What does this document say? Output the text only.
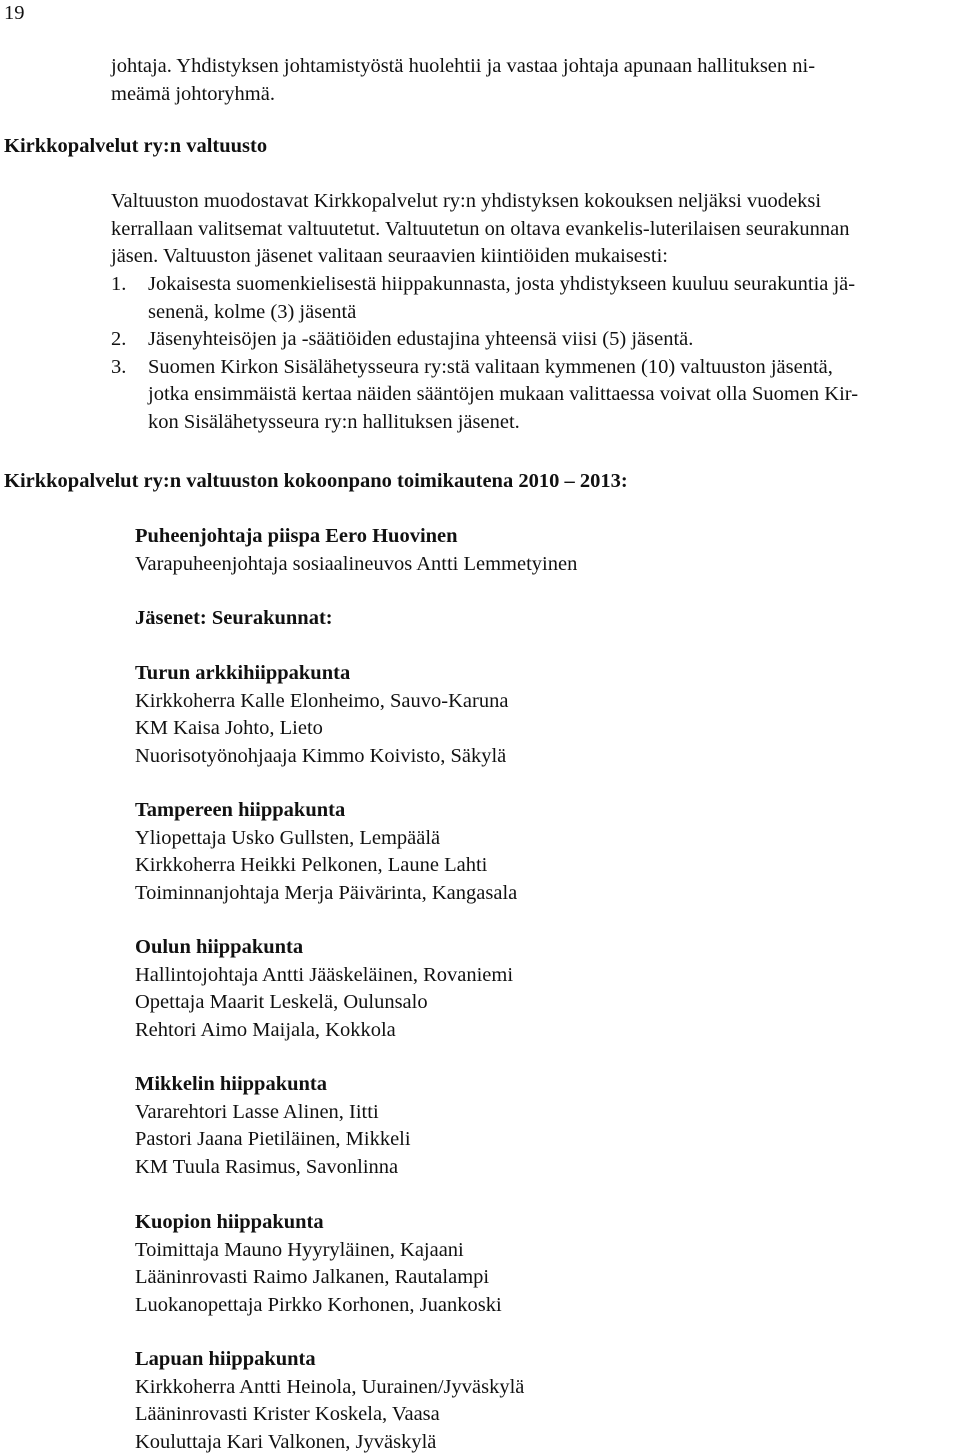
19
johtaja. Yhdistyksen johtamistyöstä huolehtii ja vastaa johtaja apunaan hallituksen ni-
meämä johtoryhmä.
Kirkkopalvelut ry:n valtuusto
Valtuuston muodostavat Kirkkopalvelut ry:n yhdistyksen kokouksen neljäksi vuodeksi
kerrallaan valitsemat valtuutetut. Valtuutetun on oltava evankelis-luterilaisen seurakunnan
jäsen. Valtuuston jäsenet valitaan seuraavien kiintiöiden mukaisesti:
1. Jokaisesta suomenkielisestä hiippakunnasta, josta yhdistykseen kuuluu seurakuntia jä-
senenä, kolme (3) jäsentä
2. Jäsenyhteisöjen ja -säätiöiden edustajina yhteensä viisi (5) jäsentä.
3. Suomen Kirkon Sisälähetysseura ry:stä valitaan kymmenen (10) valtuuston jäsentä,
jotka ensimmäistä kertaa näiden sääntöjen mukaan valittaessa voivat olla Suomen Kir-
kon Sisälähetysseura ry:n hallituksen jäsenet.
Kirkkopalvelut ry:n valtuuston kokoonpano toimikautena 2010 – 2013:
Puheenjohtaja piispa Eero Huovinen
Varapuheenjohtaja sosiaalineuvos Antti Lemmetyinen
Jäsenet: Seurakunnat:
Turun arkkihiippakunta
Kirkkoherra Kalle Elonheimo, Sauvo-Karuna
KM Kaisa Johto, Lieto
Nuorisotyönohjaaja Kimmo Koivisto, Säkylä
Tampereen hiippakunta
Yliopettaja Usko Gullsten, Lempäälä
Kirkkoherra Heikki Pelkonen, Laune Lahti
Toiminnanjohtaja Merja Päivärinta, Kangasala
Oulun hiippakunta
Hallintojohtaja Antti Jääskeläinen, Rovaniemi
Opettaja Maarit Leskelä, Oulunsalo
Rehtori Aimo Maijala, Kokkola
Mikkelin hiippakunta
Vararehtori Lasse Alinen, Iitti
Pastori Jaana Pietiläinen, Mikkeli
KM Tuula Rasimus, Savonlinna
Kuopion hiippakunta
Toimittaja Mauno Hyyryläinen, Kajaani
Lääninrovasti Raimo Jalkanen, Rautalampi
Luokanopettaja Pirkko Korhonen, Juankoski
Lapuan hiippakunta
Kirkkoherra Antti Heinola, Uurainen/Jyväskylä
Lääninrovasti Krister Koskela, Vaasa
Kouluttaja Kari Valkonen, Jyväskylä
